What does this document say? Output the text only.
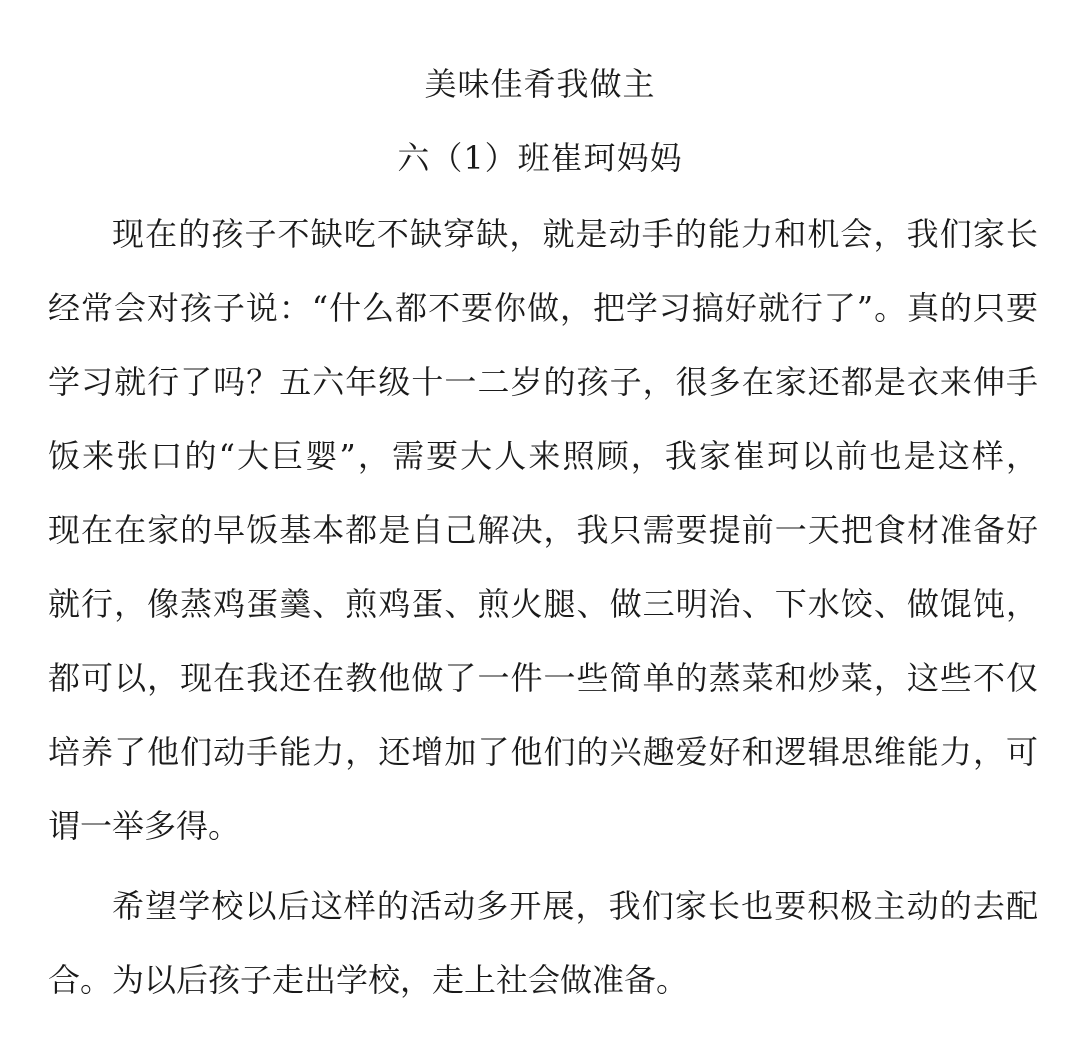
美味佳肴我做主
六（1）班崔珂妈妈
现在的孩子不缺吃不缺穿缺，就是动手的能力和机会，我们家长
经常会对孩子说：“什么都不要你做，把学习搞好就行了”。真的只要
学习就行了吗？五六年级十一二岁的孩子，很多在家还都是衣来伸手
饭来张口的“大巨婴”，需要大人来照顾，我家崔珂以前也是这样，
现在在家的早饭基本都是自己解决，我只需要提前一天把食材准备好
就行，像蒸鸡蛋羹、煎鸡蛋、煎火腿、做三明治、下水饺、做馄饨，
都可以，现在我还在教他做了一件一些简单的蒸菜和炒菜，这些不仅
培养了他们动手能力，还增加了他们的兴趣爱好和逻辑思维能力，可
谓一举多得。
希望学校以后这样的活动多开展，我们家长也要积极主动的去配
合。为以后孩子走出学校，走上社会做准备。
